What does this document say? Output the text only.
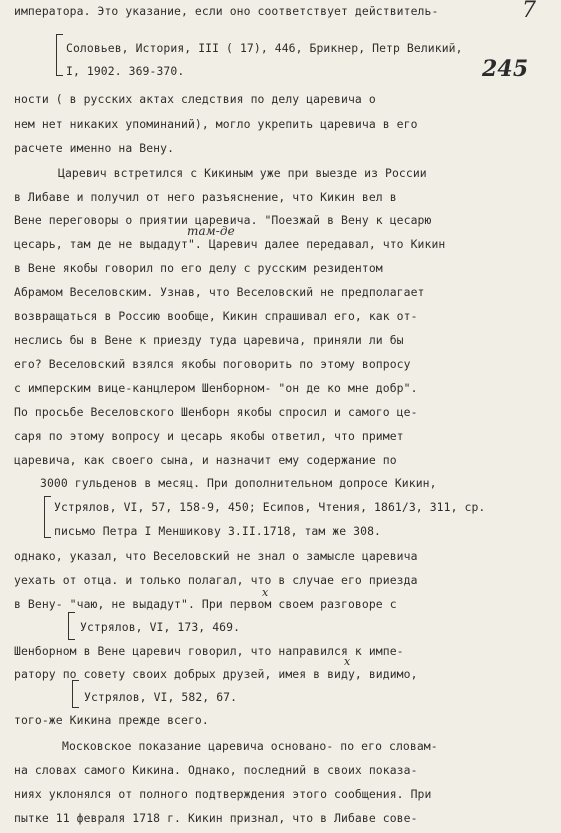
7
245
императора. Это указание, если оно соответствует действитель-
Соловьев, История, III ( 17), 446, Брикнер, Петр Великий,
I, 1902. 369-370.
ности ( в русских актах следствия по делу царевича о
нем нет никаких упоминаний), могло укрепить царевича в его
расчете именно на Вену.
Царевич встретился с Кикиным уже при выезде из России
в Либаве и получил от него разъяснение, что Кикин вел в
Вене переговоры о приятии царевича. "Поезжай в Вену к цесарю
цесарь, там де не выдадут". Царевич далее передавал, что Кикин
в Вене якобы говорил по его делу с русским резидентом
Абрамом Веселовским. Узнав, что Веселовский не предполагает
возвращаться в Россию вообще, Кикин спрашивал его, как от-
неслись бы в Вене к приезду туда царевича, приняли ли бы
его? Веселовский взялся якобы поговорить по этому вопросу
с имперским вице-канцлером Шенборном- "он де ко мне добр".
По просьбе Веселовского Шенборн якобы спросил и самого це-
саря по этому вопросу и цесарь якобы ответил, что примет
царевича, как своего сына, и назначит ему содержание по
3000 гульденов в месяц. При дополнительном допросе Кикин,
Устрялов, VI, 57, 158-9, 450; Есипов, Чтения, 1861/3, 311, ср.
письмо Петра I Меншикову 3.II.1718, там же 308.
однако, указал, что Веселовский не знал о замысле царевича
уехать от отца. и только полагал, что в случае его приезда
в Вену- "чаю, не выдадут". При первом своем разговоре с
Устрялов, VI, 173, 469.
Шенборном в Вене царевич говорил, что направился к импе-
ратору по совету своих добрых друзей, имея в виду, видимо,
Устрялов, VI, 582, 67.
того-же Кикина прежде всего.
Московское показание царевича основано- по его словам-
на словах самого Кикина. Однако, последний в своих показа-
ниях уклонялся от полного подтверждения этого сообщения. При
пытке 11 февраля 1718 г. Кикин признал, что в Либаве сове-
там-де
х
х
